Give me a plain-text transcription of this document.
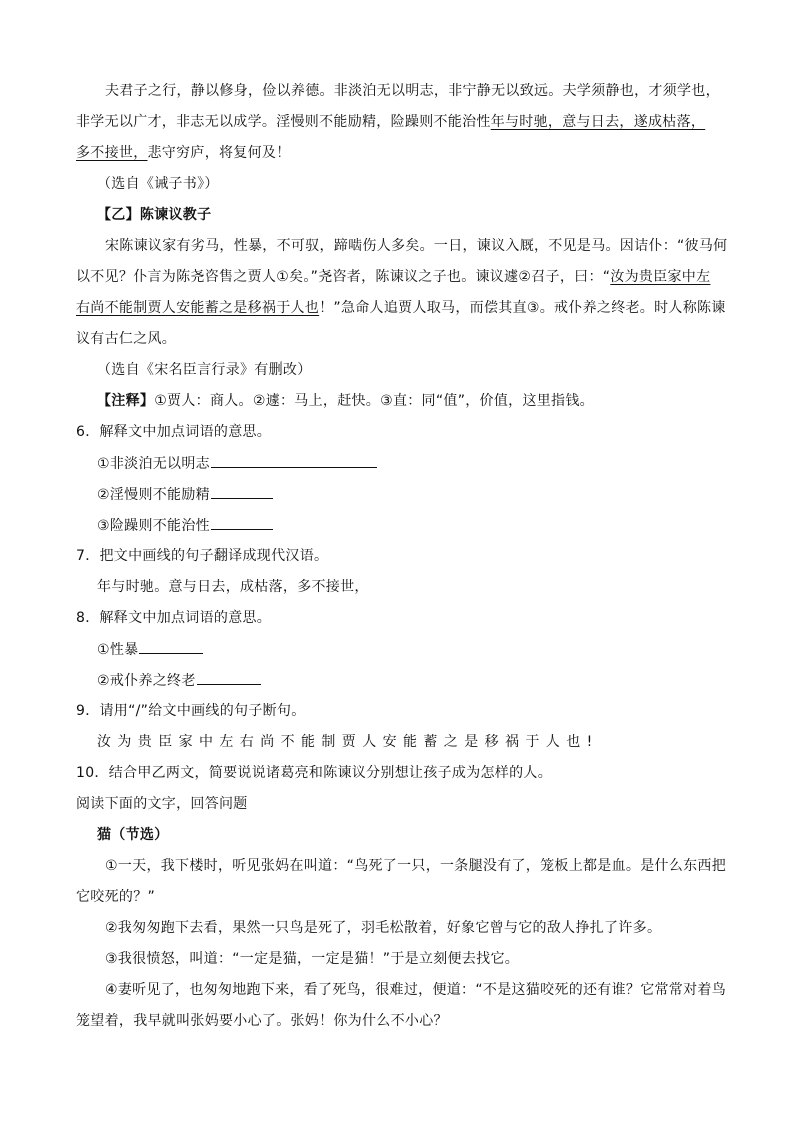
夫君子之行，静以修身，俭以养德。非淡泊无以明志，非宁静无以致远。夫学须静也，才须学也，
非学无以广才，非志无以成学。淫慢则不能励精，险躁则不能治性年与时驰，意与日去，遂成枯落，
多不接世，悲守穷庐，将复何及！
（选自《诫子书》）
【乙】陈谏议教子
宋陈谏议家有劣马，性暴，不可驭，蹄啮伤人多矣。一日，谏议入厩，不见是马。因诘仆：“彼马何
以不见？仆言为陈尧咨售之贾人①矣。”尧咨者，陈谏议之子也。谏议遽②召子，曰：“汝为贵臣家中左
右尚不能制贾人安能蓄之是移祸于人也！”急命人追贾人取马，而偿其直③。戒仆养之终老。时人称陈谏
议有古仁之风。
（选自《宋名臣言行录》有删改）
【注释】①贾人：商人。②遽：马上，赶快。③直：同“值”，价值，这里指钱。
6．解释文中加点词语的意思。
①非淡泊无以明志
②淫慢则不能励精
③险躁则不能治性
7．把文中画线的句子翻译成现代汉语。
年与时驰。意与日去，成枯落，多不接世，
8．解释文中加点词语的意思。
①性暴
②戒仆养之终老
9．请用“/”给文中画线的句子断句。
汝为贵臣家中左右尚不能制贾人安能蓄之是移祸于人也!
10．结合甲乙两文，简要说说诸葛亮和陈谏议分别想让孩子成为怎样的人。
阅读下面的文字，回答问题
猫（节选）
①一天，我下楼时，听见张妈在叫道：“鸟死了一只，一条腿没有了，笼板上都是血。是什么东西把
它咬死的？”
②我匆匆跑下去看，果然一只鸟是死了，羽毛松散着，好象它曾与它的敌人挣扎了许多。
③我很愤怒，叫道：“一定是猫，一定是猫！”于是立刻便去找它。
④妻听见了，也匆匆地跑下来，看了死鸟，很难过，便道：“不是这猫咬死的还有谁？它常常对着鸟
笼望着，我早就叫张妈要小心了。张妈！你为什么不小心？
